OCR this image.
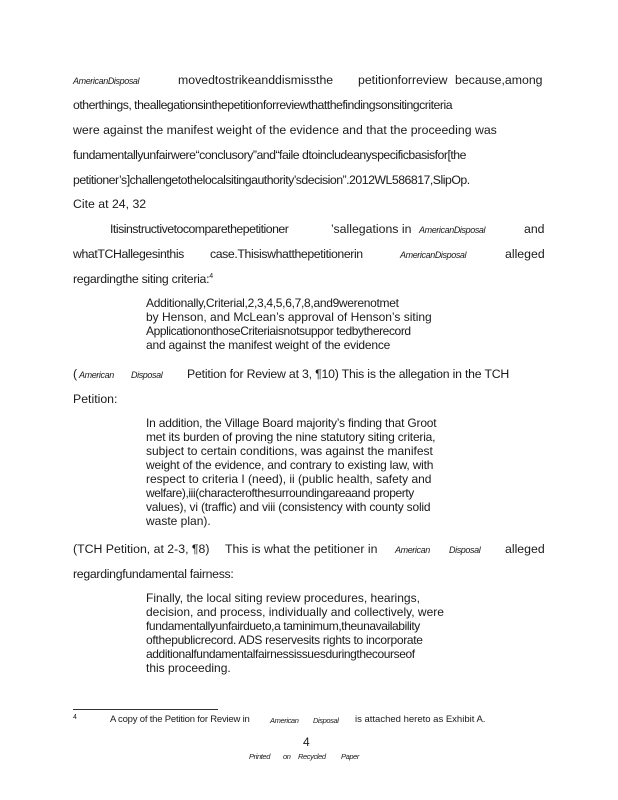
AmericanDisposal	movedtostrikeanddismissthe petitionforreview because,among
otherthings, theallegationsinthepetitionforreviewthatthefindingsonsitingcriteria
were against the manifest weight of the evidence and that the proceeding was
fundamentallyunfairwere“conclusory”and“faile dtoincludeanyspecificbasisfor[the
petitioner’s]challengetothelocalsitingauthority’sdecision”.2012WL586817,SlipOp.
Cite at 24, 32
Itisinstructivetocomparethepetitioner	’sallegations in AmericanDisposal	and
whatTCHallegesinthis case.Thisiswhatthepetitionerin	AmericanDisposal	alleged
regardingthe siting criteria:$^4$
Additionally,Criterial,2,3,4,5,6,7,8,and9werenotmet
by Henson, and McLean’s approval of Henson’s siting
ApplicationonthoseCriteriaisnotsuppor tedbytherecord
and against the manifest weight of the evidence
( American Disposal Petition for Review at 3, ¶10) This is the allegation in the TCH
Petition:
In addition, the Village Board majority’s finding that Groot
met its burden of proving the nine statutory siting criteria,
subject to certain conditions, was against the manifest
weight of the evidence, and contrary to existing law, with
respect to criteria I (need), ii (public health, safety and
welfare),iii(characterofthesurroundingareaand property
values), vi (traffic) and viii (consistency with county solid
waste plan).
(TCH Petition, at 2-3, ¶8) This is what the petitioner in American Disposal alleged
regardingfundamental fairness:
Finally, the local siting review procedures, hearings,
decision, and process, individually and collectively, were
fundamentallyunfairdueto,a taminimum,theunavailability
ofthepublicrecord. ADS reservesits rights to incorporate
additionalfundamentalfairnessissuesduringthecourseof
this proceeding.
4	A copy of the Petition for Review in	American Disposal is attached hereto as Exhibit A.
4
Printed on Recycled Paper
